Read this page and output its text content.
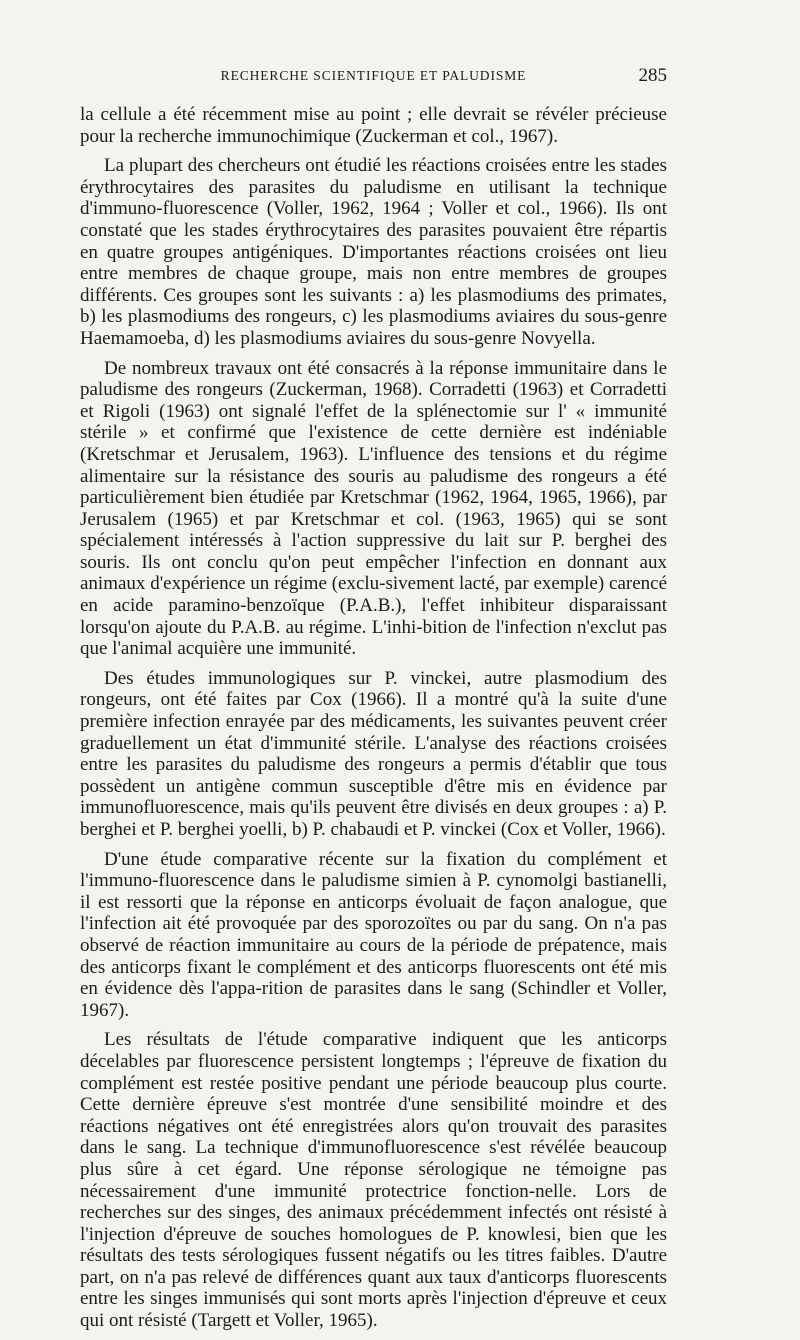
RECHERCHE SCIENTIFIQUE ET PALUDISME	285

la cellule a été récemment mise au point ; elle devrait se révéler précieuse pour la recherche immunochimique (Zuckerman et col., 1967).

La plupart des chercheurs ont étudié les réactions croisées entre les stades érythrocytaires des parasites du paludisme en utilisant la technique d'immuno-fluorescence (Voller, 1962, 1964 ; Voller et col., 1966). Ils ont constaté que les stades érythrocytaires des parasites pouvaient être répartis en quatre groupes antigéniques. D'importantes réactions croisées ont lieu entre membres de chaque groupe, mais non entre membres de groupes différents. Ces groupes sont les suivants : a) les plasmodiums des primates, b) les plasmodiums des rongeurs, c) les plasmodiums aviaires du sous-genre Haemamoeba, d) les plasmodiums aviaires du sous-genre Novyella.

De nombreux travaux ont été consacrés à la réponse immunitaire dans le paludisme des rongeurs (Zuckerman, 1968). Corradetti (1963) et Corradetti et Rigoli (1963) ont signalé l'effet de la splénectomie sur l' « immunité stérile » et confirmé que l'existence de cette dernière est indéniable (Kretschmar et Jerusalem, 1963). L'influence des tensions et du régime alimentaire sur la résistance des souris au paludisme des rongeurs a été particulièrement bien étudiée par Kretschmar (1962, 1964, 1965, 1966), par Jerusalem (1965) et par Kretschmar et col. (1963, 1965) qui se sont spécialement intéressés à l'action suppressive du lait sur P. berghei des souris. Ils ont conclu qu'on peut empêcher l'infection en donnant aux animaux d'expérience un régime (exclu-sivement lacté, par exemple) carencé en acide paramino-benzoïque (P.A.B.), l'effet inhibiteur disparaissant lorsqu'on ajoute du P.A.B. au régime. L'inhi-bition de l'infection n'exclut pas que l'animal acquière une immunité.

Des études immunologiques sur P. vinckei, autre plasmodium des rongeurs, ont été faites par Cox (1966). Il a montré qu'à la suite d'une première infection enrayée par des médicaments, les suivantes peuvent créer graduellement un état d'immunité stérile. L'analyse des réactions croisées entre les parasites du paludisme des rongeurs a permis d'établir que tous possèdent un antigène commun susceptible d'être mis en évidence par immunofluorescence, mais qu'ils peuvent être divisés en deux groupes : a) P. berghei et P. berghei yoelli, b) P. chabaudi et P. vinckei (Cox et Voller, 1966).

D'une étude comparative récente sur la fixation du complément et l'immuno-fluorescence dans le paludisme simien à P. cynomolgi bastianelli, il est ressorti que la réponse en anticorps évoluait de façon analogue, que l'infection ait été provoquée par des sporozoïtes ou par du sang. On n'a pas observé de réaction immunitaire au cours de la période de prépatence, mais des anticorps fixant le complément et des anticorps fluorescents ont été mis en évidence dès l'appa-rition de parasites dans le sang (Schindler et Voller, 1967).

Les résultats de l'étude comparative indiquent que les anticorps décelables par fluorescence persistent longtemps ; l'épreuve de fixation du complément est restée positive pendant une période beaucoup plus courte. Cette dernière épreuve s'est montrée d'une sensibilité moindre et des réactions négatives ont été enregistrées alors qu'on trouvait des parasites dans le sang. La technique d'immunofluorescence s'est révélée beaucoup plus sûre à cet égard. Une réponse sérologique ne témoigne pas nécessairement d'une immunité protectrice fonction-nelle. Lors de recherches sur des singes, des animaux précédemment infectés ont résisté à l'injection d'épreuve de souches homologues de P. knowlesi, bien que les résultats des tests sérologiques fussent négatifs ou les titres faibles. D'autre part, on n'a pas relevé de différences quant aux taux d'anticorps fluorescents entre les singes immunisés qui sont morts après l'injection d'épreuve et ceux qui ont résisté (Targett et Voller, 1965).
